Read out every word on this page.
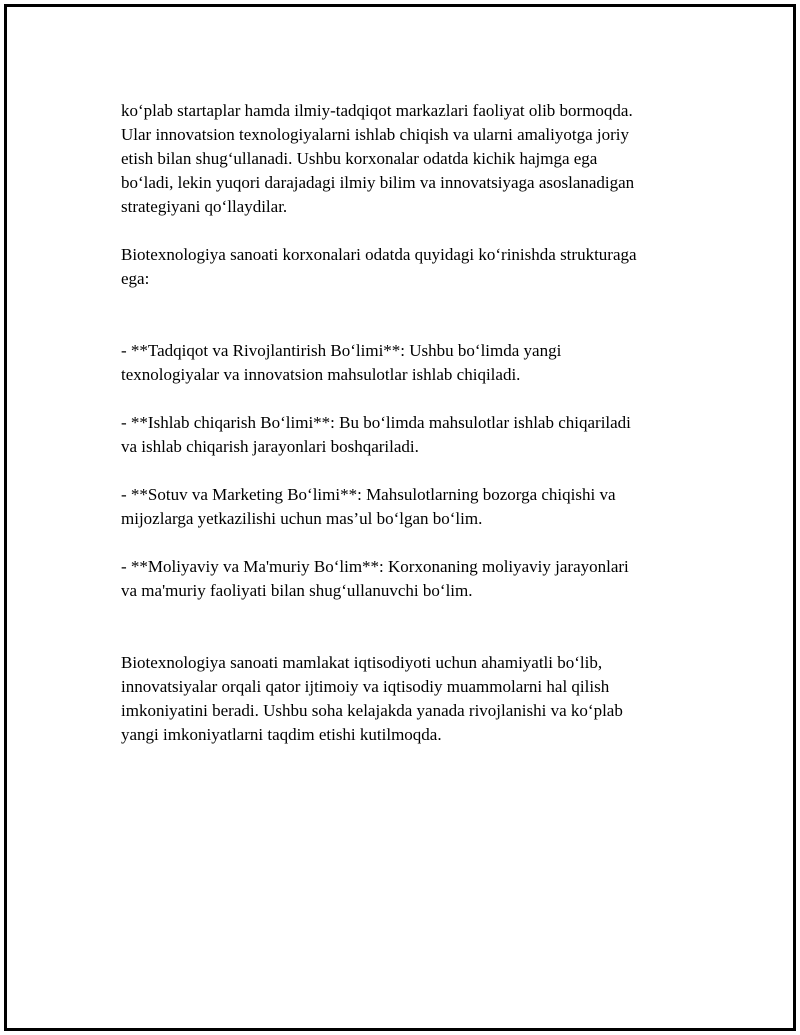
ko‘plab startaplar hamda ilmiy-tadqiqot markazlari faoliyat olib bormoqda.
Ular innovatsion texnologiyalarni ishlab chiqish va ularni amaliyotga joriy
etish bilan shug‘ullanadi. Ushbu korxonalar odatda kichik hajmga ega
bo‘ladi, lekin yuqori darajadagi ilmiy bilim va innovatsiyaga asoslanadigan
strategiyani qo‘llaydilar.

Biotexnologiya sanoati korxonalari odatda quyidagi ko‘rinishda strukturaga
ega:

- **Tadqiqot va Rivojlantirish Bo‘limi**: Ushbu bo‘limda yangi
texnologiyalar va innovatsion mahsulotlar ishlab chiqiladi.

- **Ishlab chiqarish Bo‘limi**: Bu bo‘limda mahsulotlar ishlab chiqariladi
va ishlab chiqarish jarayonlari boshqariladi.

- **Sotuv va Marketing Bo‘limi**: Mahsulotlarning bozorga chiqishi va
mijozlarga yetkazilishi uchun mas’ul bo‘lgan bo‘lim.

- **Moliyaviy va Ma'muriy Bo‘lim**: Korxonaning moliyaviy jarayonlari
va ma'muriy faoliyati bilan shug‘ullanuvchi bo‘lim.

Biotexnologiya sanoati mamlakat iqtisodiyoti uchun ahamiyatli bo‘lib,
innovatsiyalar orqali qator ijtimoiy va iqtisodiy muammolarni hal qilish
imkoniyatini beradi. Ushbu soha kelajakda yanada rivojlanishi va ko‘plab
yangi imkoniyatlarni taqdim etishi kutilmoqda.
